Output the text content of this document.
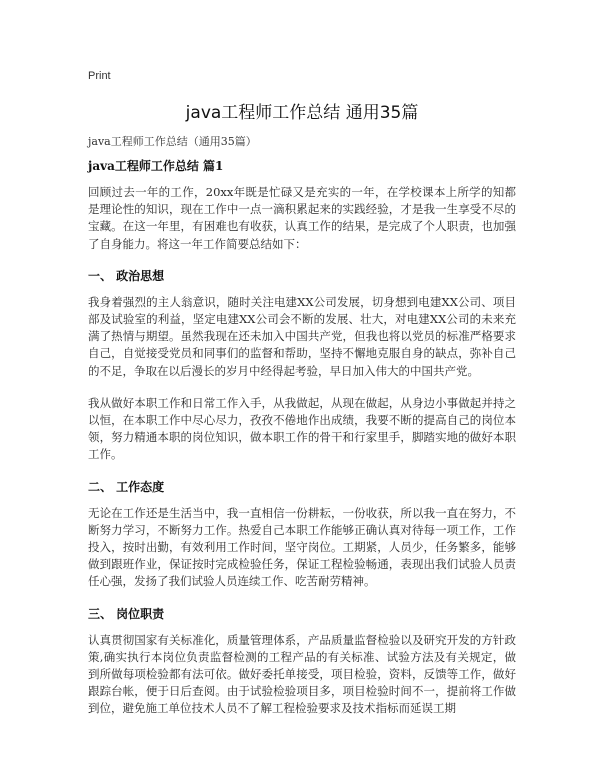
Print
java工程师工作总结 通用35篇
java工程师工作总结（通用35篇）
java工程师工作总结 篇1

回顾过去一年的工作，20xx年既是忙碌又是充实的一年，在学校课本上所学的知都是理论性的知识，现在工作中一点一滴积累起来的实践经验，才是我一生享受不尽的宝藏。在这一年里，有困难也有收获，认真工作的结果，是完成了个人职责，也加强了自身能力。将这一年工作简要总结如下：

一、 政治思想

我身着强烈的主人翁意识，随时关注电建XX公司发展，切身想到电建XX公司、项目部及试验室的利益，坚定电建XX公司会不断的发展、壮大，对电建XX公司的未来充满了热情与期望。虽然我现在还未加入中国共产党，但我也将以党员的标准严格要求自己，自觉接受党员和同事们的监督和帮助，坚持不懈地克服自身的缺点，弥补自己的不足，争取在以后漫长的岁月中经得起考验，早日加入伟大的中国共产党。

我从做好本职工作和日常工作入手，从我做起，从现在做起，从身边小事做起并持之以恒，在本职工作中尽心尽力，孜孜不倦地作出成绩，我要不断的提高自己的岗位本领，努力精通本职的岗位知识，做本职工作的骨干和行家里手，脚踏实地的做好本职工作。

二、 工作态度

无论在工作还是生活当中，我一直相信一份耕耘，一份收获，所以我一直在努力，不断努力学习，不断努力工作。热爱自己本职工作能够正确认真对待每一项工作，工作投入，按时出勤，有效利用工作时间，坚守岗位。工期紧，人员少，任务繁多，能够做到跟班作业，保证按时完成检验任务，保证工程检验畅通，表现出我们试验人员责任心强，发扬了我们试验人员连续工作、吃苦耐劳精神。

三、 岗位职责

认真贯彻国家有关标准化，质量管理体系，产品质量监督检验以及研究开发的方针政策,确实执行本岗位负责监督检测的工程产品的有关标准、试验方法及有关规定，做到所做每项检验都有法可依。做好委托单接受，项目检验，资料，反馈等工作，做好跟踪台帐，便于日后查阅。由于试验检验项目多，项目检验时间不一，提前将工作做到位，避免施工单位技术人员不了解工程检验要求及技术指标而延误工期
